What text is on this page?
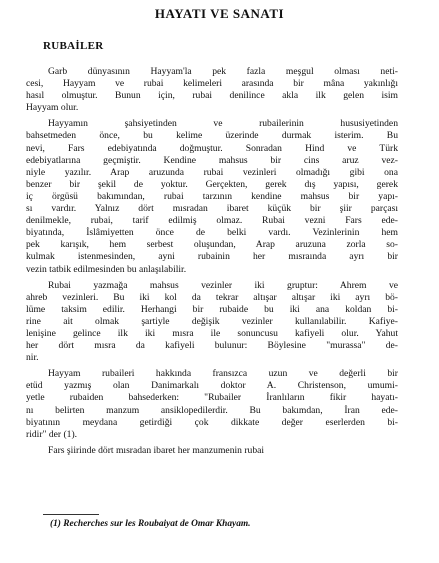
HAYATI VE SANATI
RUBAİLER
Garb dünyasının Hayyam'la pek fazla meşgul olması neti-
cesi, Hayyam ve rubai kelimeleri arasında bir mâna yakınlığı
hasıl olmuştur. Bunun için, rubai denilince akla ilk gelen isim
Hayyam olur.
Hayyamın şahsiyetinden ve rubailerinin hususiyetinden
bahsetmeden önce, bu kelime üzerinde durmak isterim. Bu
nevi, Fars edebiyatında doğmuştur. Sonradan Hind ve Türk
edebiyatlarına geçmiştir. Kendine mahsus bir cins aruz vez-
niyle yazılır. Arap aruzunda rubai vezinleri olmadığı gibi ona
benzer bir şekil de yoktur. Gerçekten, gerek dış yapısı, gerek
iç örgüsü bakımından, rubai tarzının kendine mahsus bir yapı-
sı vardır. Yalnız dört mısradan ibaret küçük bir şiir parçası
denilmekle, rubai, tarif edilmiş olmaz. Rubai vezni Fars ede-
biyatında, İslâmiyetten önce de belki vardı. Vezinlerinin hem
pek karışık, hem serbest oluşundan, Arap aruzuna zorla so-
kulmak istenmesinden, ayni rubainin her mısraında ayrı bir
vezin tatbik edilmesinden bu anlaşılabilir.
Rubai yazmağa mahsus vezinler iki gruptur: Ahrem ve
ahreb vezinleri. Bu iki kol da tekrar altışar altışar iki ayrı bö-
lüme taksim edilir. Herhangi bir rubaide bu iki ana koldan bi-
rine ait olmak şartiyle değişik vezinler kullanılabilir. Kafiye-
lenişine gelince ilk iki mısra ile sonuncusu kafiyeli olur. Yahut
her dört mısra da kafiyeli bulunur: Böylesine "murassa" de-
nir.
Hayyam rubaileri hakkında fransızca uzun ve değerli bir
etüd yazmış olan Danimarkalı doktor A. Christenson, umumi-
yetle rubaiden bahsederken: "Rubailer İranlıların fikir hayatı-
nı belirten manzum ansiklopedilerdir. Bu bakımdan, İran ede-
biyatının meydana getirdiği çok dikkate değer eserlerden bi-
ridir" der (1).
Fars şiirinde dört mısradan ibaret her manzumenin rubai
(1) Recherches sur les Roubaiyat de Omar Khayam.
